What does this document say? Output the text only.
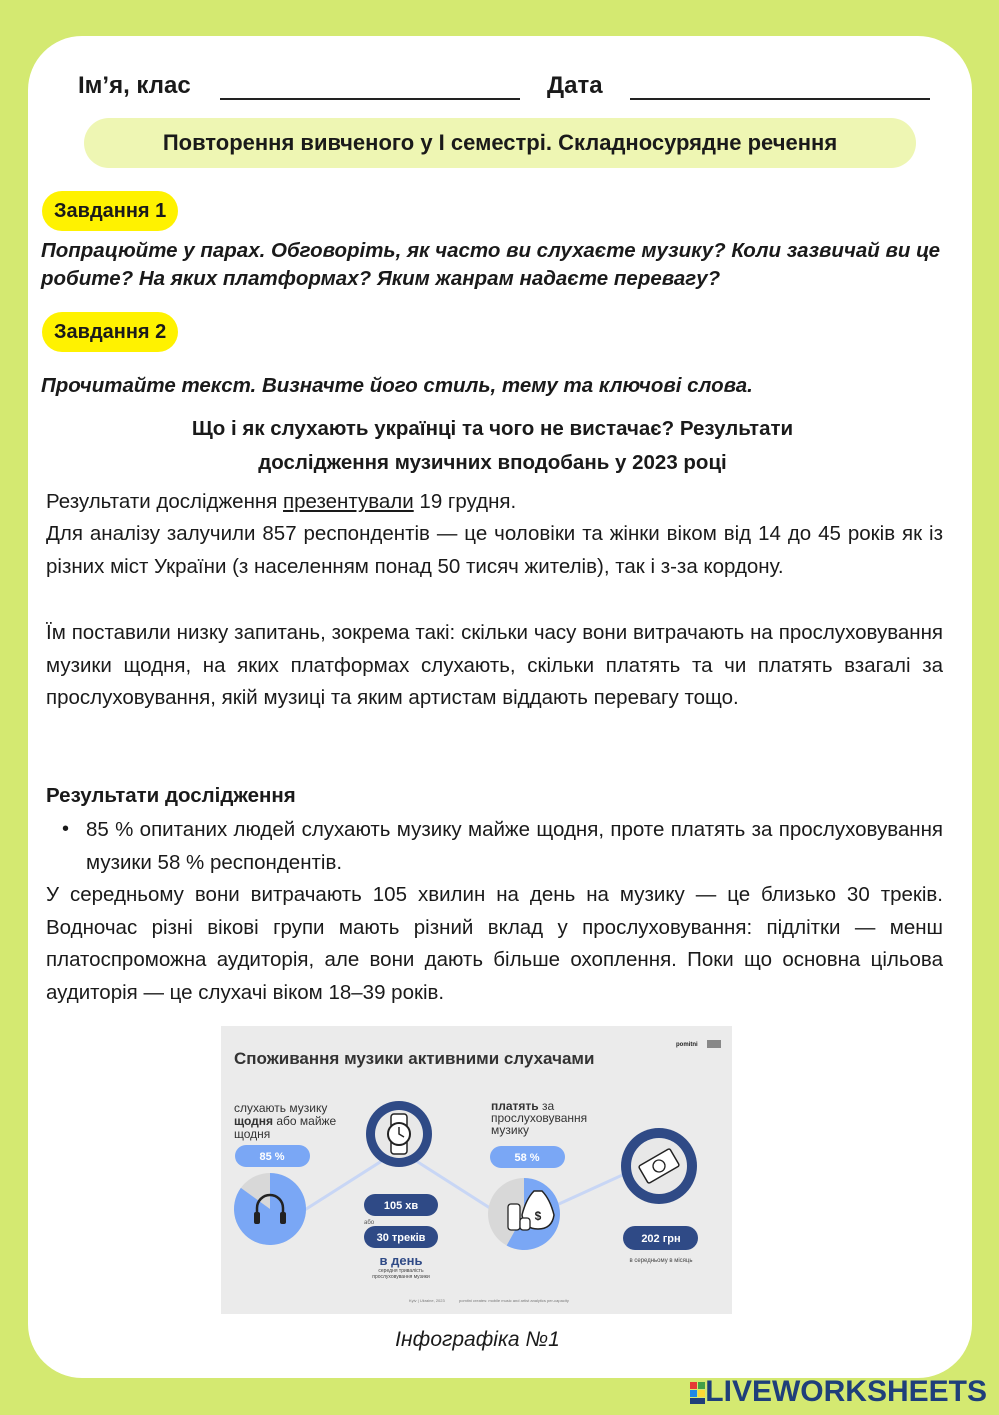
Ім’я, клас	Дата
Повторення вивченого у I семестрі. Складносурядне речення
Завдання 1
Попрацюйте у парах. Обговоріть, як часто ви слухаєте музику? Коли зазвичай ви це робите? На яких платформах? Яким жанрам надаєте перевагу?
Завдання 2
Прочитайте текст. Визначте його стиль, тему та ключові слова.
Що і як слухають українці та чого не вистачає? Результати
дослідження музичних вподобань у 2023 році
Результати дослідження презентували 19 грудня.
Для аналізу залучили 857 респондентів — це чоловіки та жінки віком від 14 до 45 років як із різних міст України (з населенням понад 50 тисяч жителів), так і з-за кордону.
Їм поставили низку запитань, зокрема такі: скільки часу вони витрачають на прослуховування музики щодня, на яких платформах слухають, скільки платять та чи платять взагалі за прослуховування, якій музиці та яким артистам віддають перевагу тощо.
Результати дослідження
• 85 % опитаних людей слухають музику майже щодня, проте платять за прослуховування музики 58 % респондентів.
У середньому вони витрачають 105 хвилин на день на музику — це близько 30 треків. Водночас різні вікові групи мають різний вклад у прослуховування: підлітки — менш платоспроможна аудиторія, але вони дають більше охоплення. Поки що основна цільова аудиторія — це слухачі віком 18–39 років.
Споживання музики активними слухачами
pomitni
слухають музику
щодня або майже
щодня
85 %
105 хв
або
30 треків
в день
середня тривалість
прослуховування музики
платять за
прослуховування
музику
58 %
$
202 грн
в середньому в місяць
Kyiv | Ukraine, 2023	pomitni creates: mobile music and artist analytics per-capacity
Інфографіка №1
LIVEWORKSHEETS
